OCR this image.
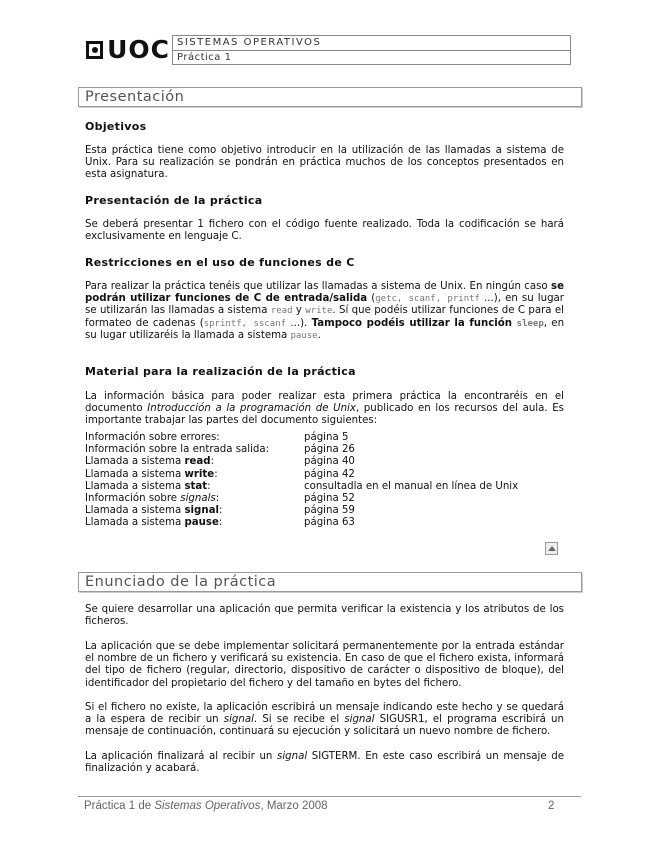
UOC SISTEMAS OPERATIVOS
Práctica 1
Presentación
Objetivos
Esta práctica tiene como objetivo introducir en la utilización de las llamadas a sistema de Unix. Para su realización se pondrán en práctica muchos de los conceptos presentados en esta asignatura.
Presentación de la práctica
Se deberá presentar 1 fichero con el código fuente realizado. Toda la codificación se hará exclusivamente en lenguaje C.
Restricciones en el uso de funciones de C
Para realizar la práctica tenéis que utilizar las llamadas a sistema de Unix. En ningún caso se podrán utilizar funciones de C de entrada/salida (getc, scanf, printf ...), en su lugar se utilizarán las llamadas a sistema read y write. Sí que podéis utilizar funciones de C para el formateo de cadenas (sprintf, sscanf ...). Tampoco podéis utilizar la función sleep, en su lugar utilizaréis la llamada a sistema pause.
Material para la realización de la práctica
La información básica para poder realizar esta primera práctica la encontraréis en el documento Introducción a la programación de Unix, publicado en los recursos del aula. Es importante trabajar las partes del documento siguientes:
Información sobre errores:	página 5
Información sobre la entrada salida:	página 26
Llamada a sistema read:	página 40
Llamada a sistema write:	página 42
Llamada a sistema stat:	consultadla en el manual en línea de Unix
Información sobre signals:	página 52
Llamada a sistema signal:	página 59
Llamada a sistema pause:	página 63
Enunciado de la práctica
Se quiere desarrollar una aplicación que permita verificar la existencia y los atributos de los ficheros.
La aplicación que se debe implementar solicitará permanentemente por la entrada estándar el nombre de un fichero y verificará su existencia. En caso de que el fichero exista, informará del tipo de fichero (regular, directorio, dispositivo de carácter o dispositivo de bloque), del identificador del propietario del fichero y del tamaño en bytes del fichero.
Si el fichero no existe, la aplicación escribirá un mensaje indicando este hecho y se quedará a la espera de recibir un signal. Si se recibe el signal SIGUSR1, el programa escribirá un mensaje de continuación, continuará su ejecución y solicitará un nuevo nombre de fichero.
La aplicación finalizará al recibir un signal SIGTERM. En este caso escribirá un mensaje de finalización y acabará.
Práctica 1 de Sistemas Operativos, Marzo 2008	2
